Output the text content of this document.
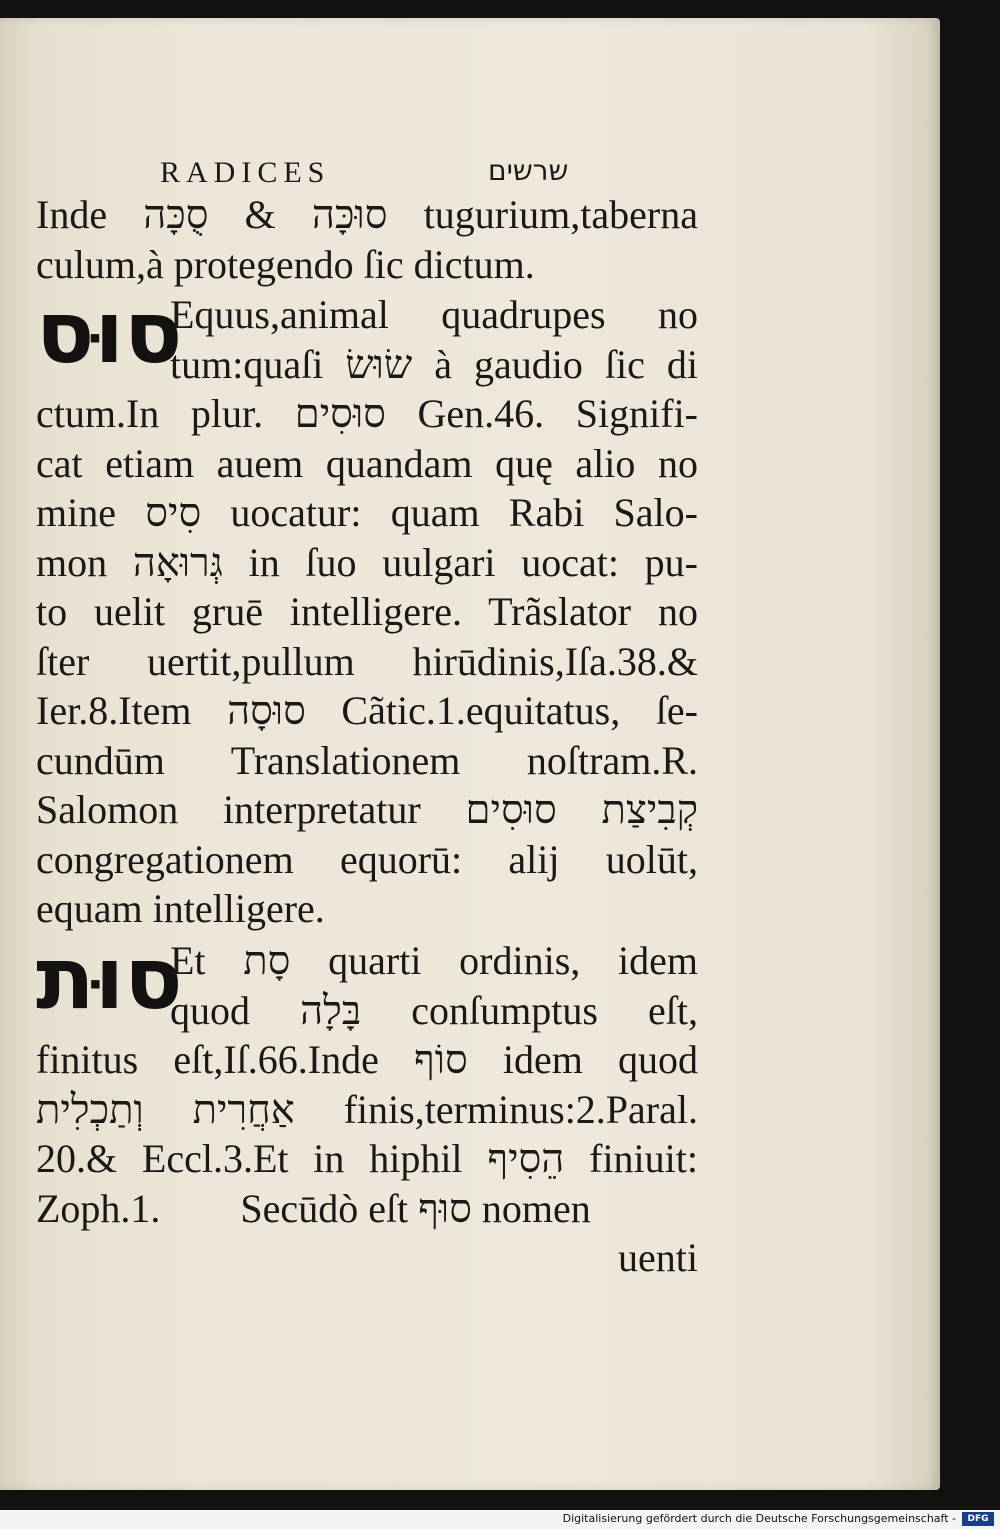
RADICES	שרשים
Inde סוּכָּה & סֻכָּה tugurium,taberna
culum,à protegendo ſic dictum.
סוּס
Equus,animal quadrupes no
tum:quaſi שׂוּשׂ à gaudio ſic di
ctum.In plur. סוּסִים Gen.46. Signifi-
cat etiam auem quandam quę alio no
mine סִיס uocatur: quam Rabi Salo-
mon גְּרוּאָה in ſuo uulgari uocat: pu-
to uelit gruē intelligere. Trãslator no
ſter uertit,pullum hirūdinis,Iſa.38.&
Ier.8.Item סוּסָה Cãtic.1.equitatus, ſe-
cundūm Translationem noſtram.R.
Salomon interpretatur קְבִיצַת סוּסִים
congregationem equorū: alij uolūt,
equam intelligere.
סוּת
Et סָת quarti ordinis, idem
quod בָּלָה conſumptus eſt,
finitus eſt,Iſ.66.Inde סוֹף idem quod
אַחֲרִית וְתַכְלִית finis,terminus:2.Paral.
20.& Eccl.3.Et in hiphil הֵסִיף finiuit:
Zoph.1.        Secūdò eſt סוּף nomen
uenti
Digitalisierung gefördert durch die Deutsche Forschungsgemeinschaft -	DFG
